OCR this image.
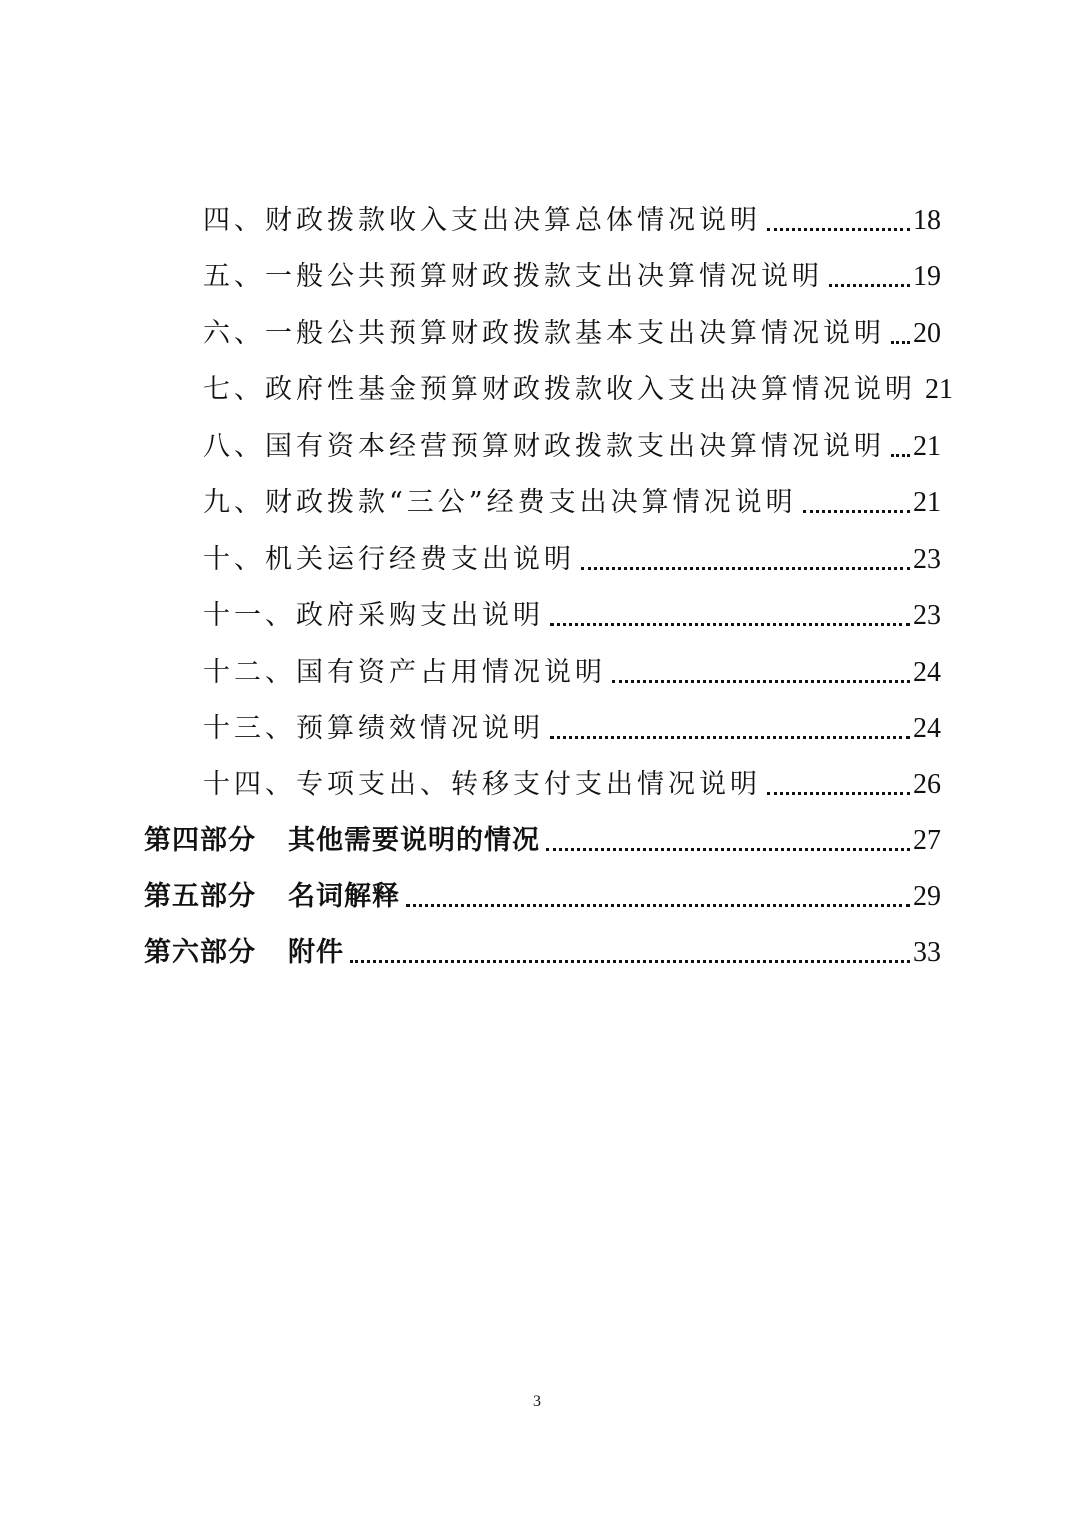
四、财政拨款收入支出决算总体情况说明	18
五、一般公共预算财政拨款支出决算情况说明	19
六、一般公共预算财政拨款基本支出决算情况说明 20
七、政府性基金预算财政拨款收入支出决算情况说明 21
八、国有资本经营预算财政拨款支出决算情况说明 21
九、财政拨款“三公”经费支出决算情况说明	21
十、机关运行经费支出说明	23
十一、政府采购支出说明	23
十二、国有资产占用情况说明	24
十三、预算绩效情况说明	24
十四、专项支出、转移支付支出情况说明	26
第四部分 其他需要说明的情况	27
第五部分 名词解释	29
第六部分 附件	33
3
